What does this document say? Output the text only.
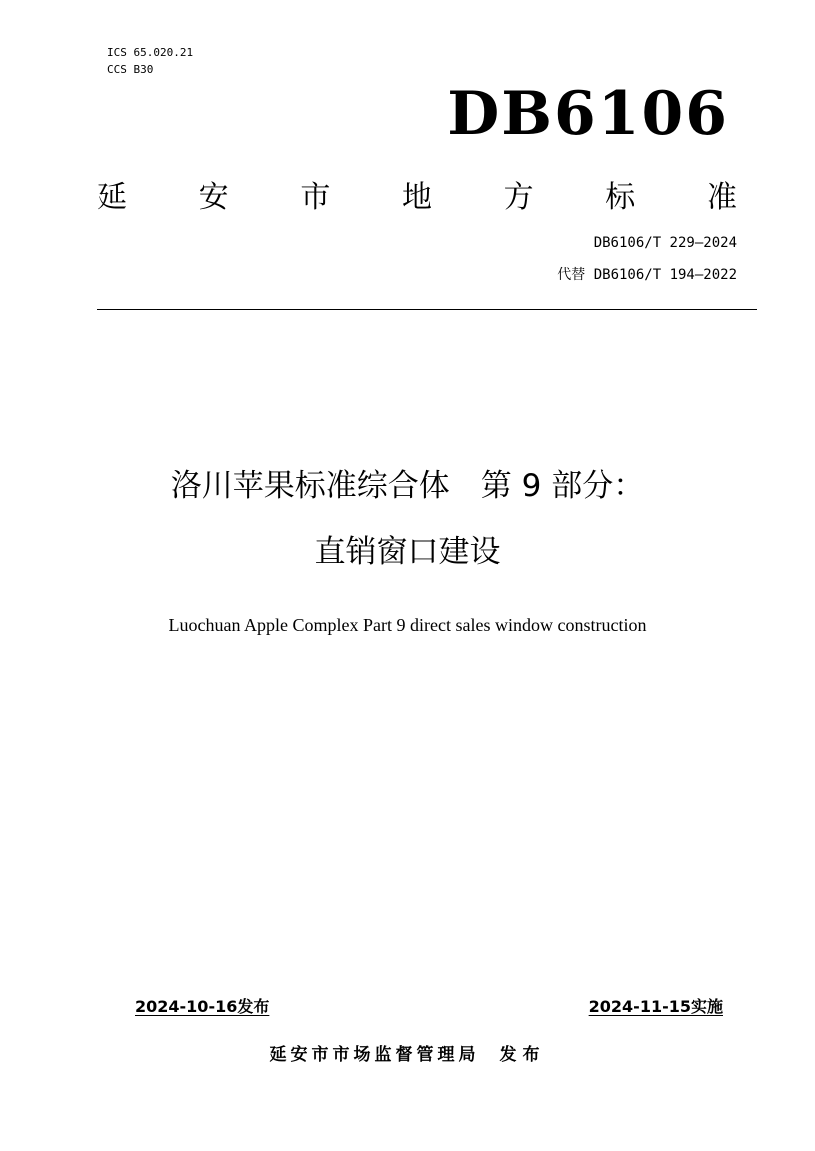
ICS 65.020.21
CCS B30
DB6106
延 安 市 地 方 标 准
DB6106/T 229—2024
代替 DB6106/T 194—2022
洛川苹果标准综合体　第 9 部分：
直销窗口建设
Luochuan Apple Complex Part 9 direct sales window construction
2024-10-16发布	2024-11-15实施
延安市市场监督管理局 发布
